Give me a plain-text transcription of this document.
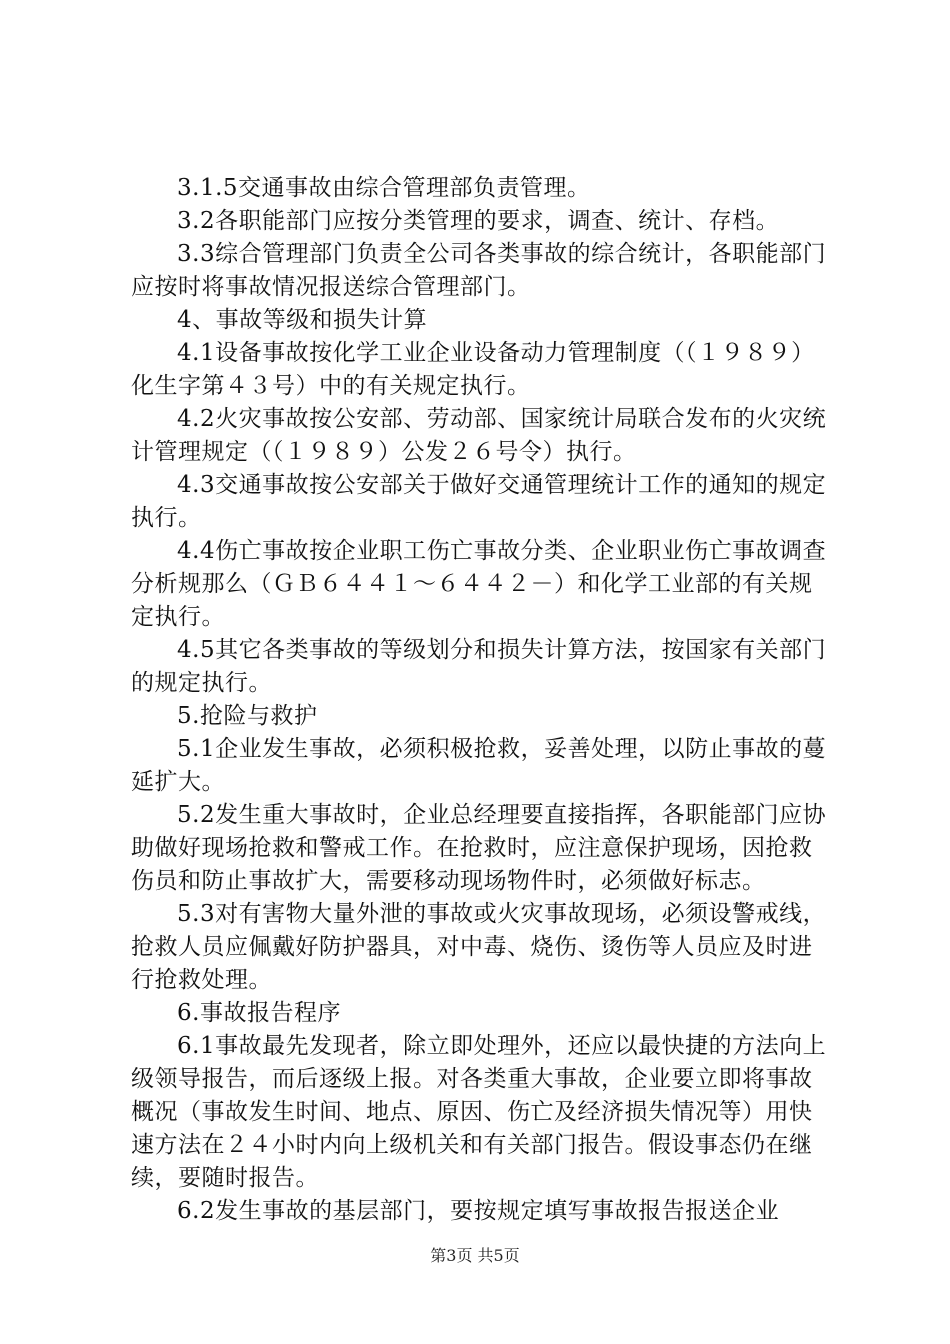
3.1.5交通事故由综合管理部负责管理。

3.2各职能部门应按分类管理的要求，调查、统计、存档。

3.3综合管理部门负责全公司各类事故的综合统计，各职能部门应按时将事故情况报送综合管理部门。

4、事故等级和损失计算

4.1设备事故按化学工业企业设备动力管理制度（（１９８９）化生字第４３号）中的有关规定执行。

4.2火灾事故按公安部、劳动部、国家统计局联合发布的火灾统计管理规定（（１９８９）公发２６号令）执行。

4.3交通事故按公安部关于做好交通管理统计工作的通知的规定执行。

4.4伤亡事故按企业职工伤亡事故分类、企业职业伤亡事故调查分析规那么（ＧＢ６４４１～６４４２－）和化学工业部的有关规定执行。

4.5其它各类事故的等级划分和损失计算方法，按国家有关部门的规定执行。

5.抢险与救护

5.1企业发生事故，必须积极抢救，妥善处理，以防止事故的蔓延扩大。

5.2发生重大事故时，企业总经理要直接指挥，各职能部门应协助做好现场抢救和警戒工作。在抢救时，应注意保护现场，因抢救伤员和防止事故扩大，需要移动现场物件时，必须做好标志。

5.3对有害物大量外泄的事故或火灾事故现场，必须设警戒线，抢救人员应佩戴好防护器具，对中毒、烧伤、烫伤等人员应及时进行抢救处理。

6.事故报告程序

6.1事故最先发现者，除立即处理外，还应以最快捷的方法向上级领导报告，而后逐级上报。对各类重大事故，企业要立即将事故概况（事故发生时间、地点、原因、伤亡及经济损失情况等）用快速方法在２４小时内向上级机关和有关部门报告。假设事态仍在继续，要随时报告。

6.2发生事故的基层部门，要按规定填写事故报告报送企业

第3页 共5页
